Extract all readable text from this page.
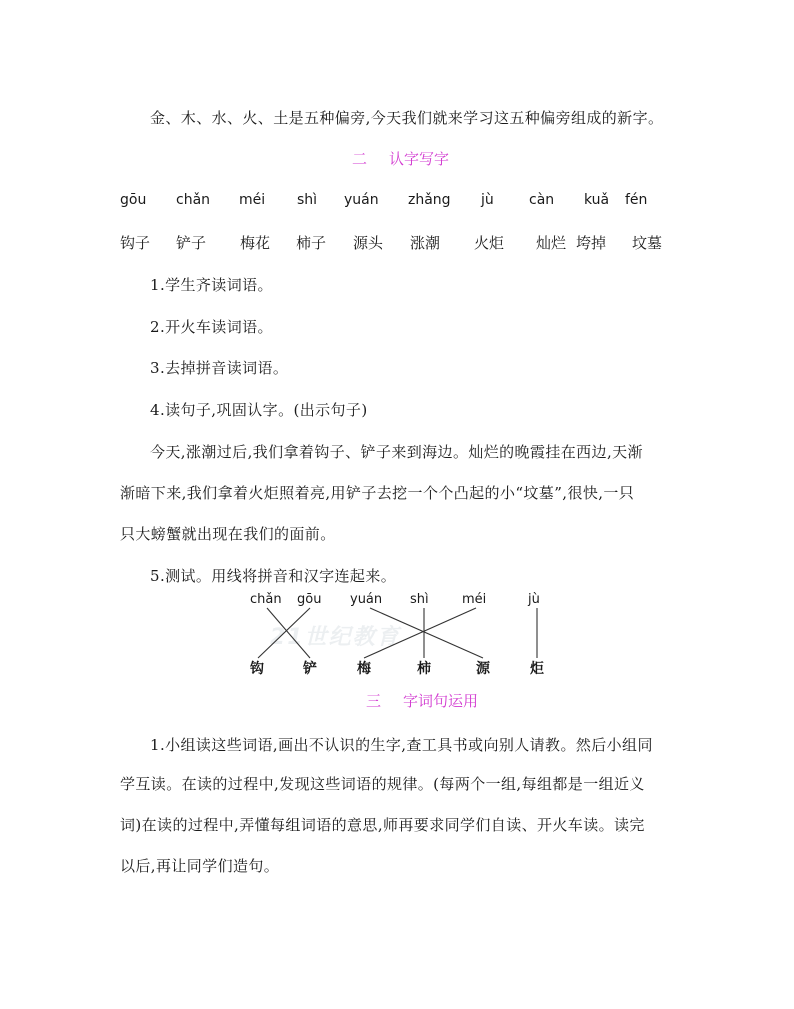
金、木、水、火、土是五种偏旁,今天我们就来学习这五种偏旁组成的新字。
二 认字写字
gōu chǎn méi shì yuán zhǎng jù	càn kuǎ fén
钩子 铲子 梅花 柿子 源头 涨潮 火炬 灿烂 垮掉 坟墓
1.学生齐读词语。
2.开火车读词语。
3.去掉拼音读词语。
4.读句子,巩固认字。(出示句子)
今天,涨潮过后,我们拿着钩子、铲子来到海边。灿烂的晚霞挂在西边,天渐
渐暗下来,我们拿着火炬照着亮,用铲子去挖一个个凸起的小“坟墓”,很快,一只
只大螃蟹就出现在我们的面前。
5.测试。用线将拼音和汉字连起来。
21世纪教育
chǎn gōu yuán shì	méi	jù
钩	铲	梅	柿	源	炬
三 字词句运用
1.小组读这些词语,画出不认识的生字,查工具书或向别人请教。然后小组同
学互读。在读的过程中,发现这些词语的规律。(每两个一组,每组都是一组近义
词)在读的过程中,弄懂每组词语的意思,师再要求同学们自读、开火车读。读完
以后,再让同学们造句。
